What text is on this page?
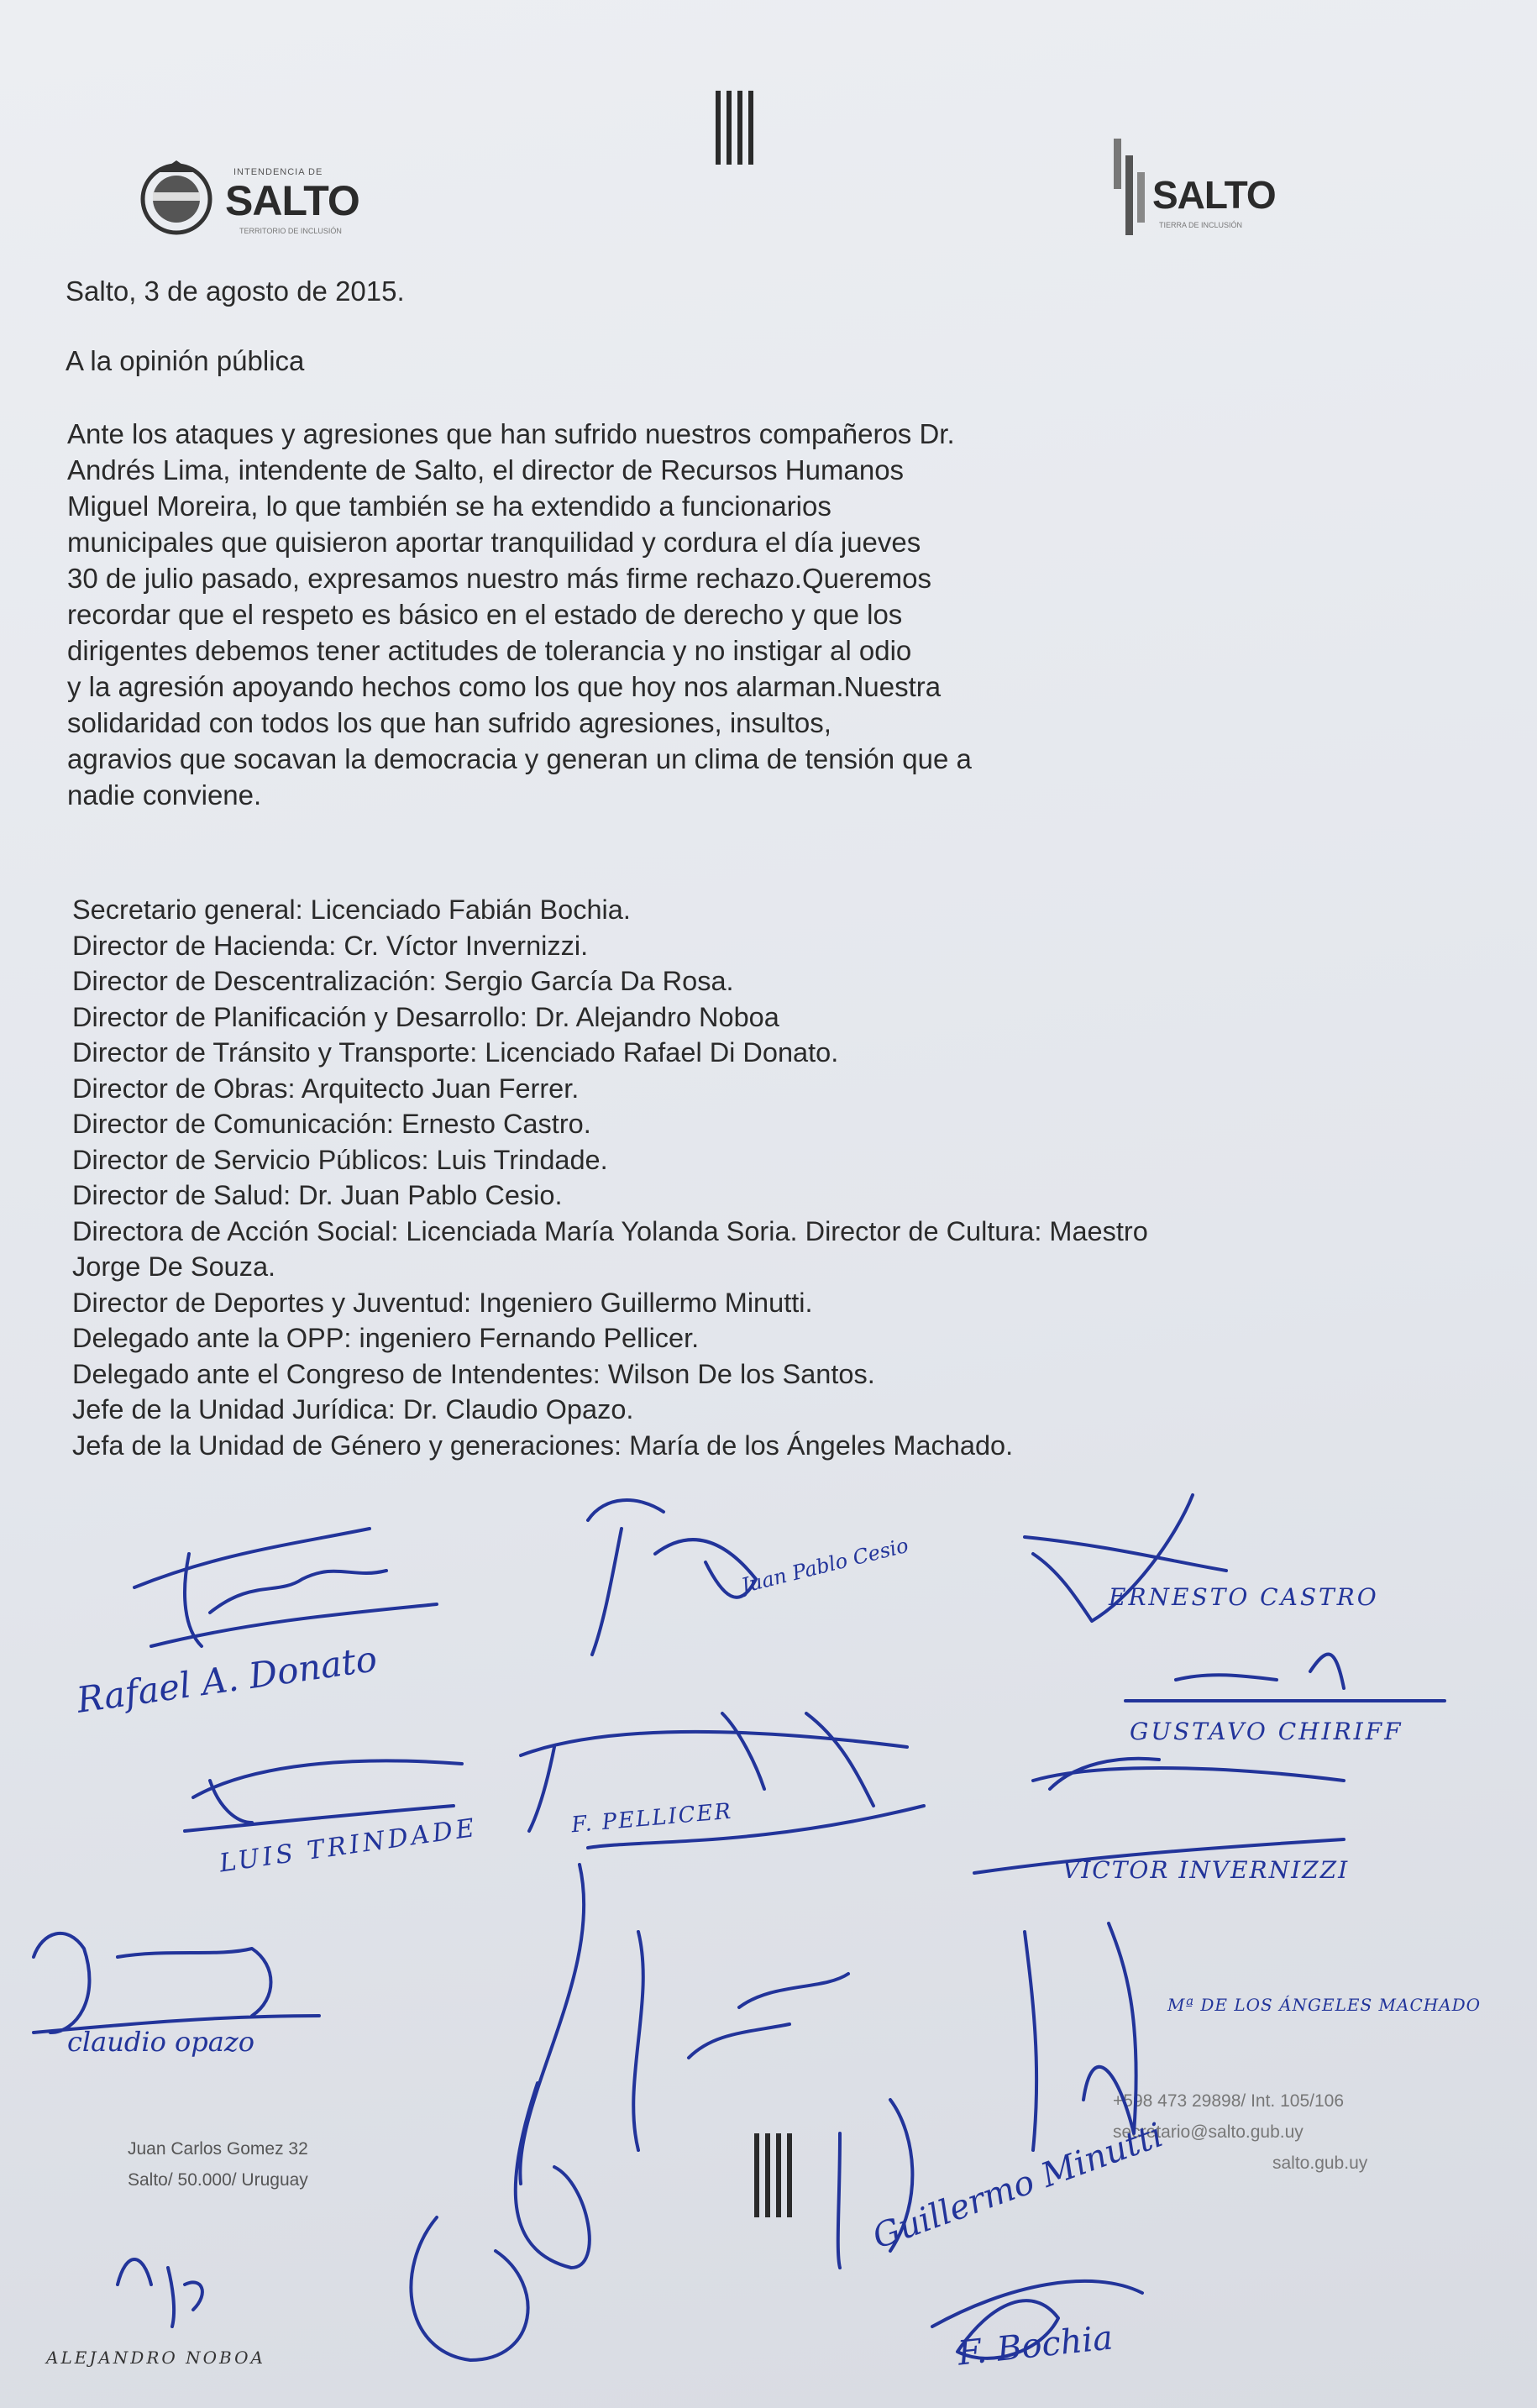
INTENDENCIA DE
SALTO
TERRITORIO DE INCLUSIÓN
SALTO
TIERRA DE INCLUSIÓN
Salto, 3 de agosto de 2015.
A la opinión pública
Ante los ataques y agresiones que han sufrido nuestros compañeros Dr.
Andrés Lima, intendente de Salto, el director de Recursos Humanos
Miguel Moreira, lo que también se ha extendido a funcionarios
municipales que quisieron aportar tranquilidad y cordura el día jueves
30 de julio pasado, expresamos nuestro más firme rechazo.Queremos
recordar que el respeto es básico en el estado de derecho y que los
dirigentes debemos tener actitudes de tolerancia y no instigar al odio
y la agresión apoyando hechos como los que hoy nos alarman.Nuestra
solidaridad con todos los que han sufrido agresiones, insultos,
agravios que socavan la democracia y generan un clima de tensión que a
nadie conviene.
Secretario general: Licenciado Fabián Bochia.
Director de Hacienda: Cr. Víctor Invernizzi.
Director de Descentralización: Sergio García Da Rosa.
Director de Planificación y Desarrollo: Dr. Alejandro Noboa
Director de Tránsito y Transporte: Licenciado Rafael Di Donato.
Director de Obras: Arquitecto Juan Ferrer.
Director de Comunicación: Ernesto Castro.
Director de Servicio Públicos: Luis Trindade.
Director de Salud: Dr. Juan Pablo Cesio.
Directora de Acción Social: Licenciada María Yolanda Soria. Director de Cultura: Maestro
Jorge De Souza.
Director de Deportes y Juventud: Ingeniero Guillermo Minutti.
Delegado ante la OPP: ingeniero Fernando Pellicer.
Delegado ante el Congreso de Intendentes: Wilson De los Santos.
Jefe de la Unidad Jurídica: Dr. Claudio Opazo.
Jefa de la Unidad de Género y generaciones: María de los Ángeles Machado.
Juan Carlos Gomez 32
Salto/ 50.000/ Uruguay
+598 473 29898/ Int. 105/106
secretario@salto.gub.uy
salto.gub.uy
Rafael A. Donato
Juan Pablo Cesio	ERNESTO CASTRO
GUSTAVO CHIRIFF
LUIS TRINDADE	F. PELLICER
VICTOR INVERNIZZI
claudio opazo
Mª DE LOS ÁNGELES MACHADO
Guillermo Minutti
F. Bochia
ALEJANDRO NOBOA
